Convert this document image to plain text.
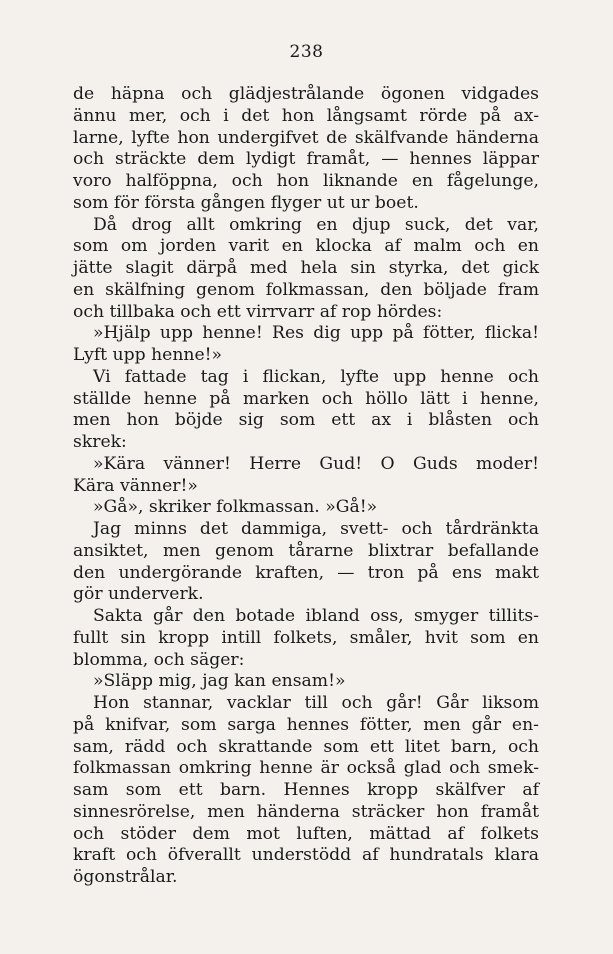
238
de häpna och glädjestrålande ögonen vidgades
ännu mer, och i det hon långsamt rörde på ax-
larne, lyfte hon undergifvet de skälfvande händerna
och sträckte dem lydigt framåt, — hennes läppar
voro halföppna, och hon liknande en fågelunge,
som för första gången flyger ut ur boet.
Då drog allt omkring en djup suck, det var,
som om jorden varit en klocka af malm och en
jätte slagit därpå med hela sin styrka, det gick
en skälfning genom folkmassan, den böljade fram
och tillbaka och ett virrvarr af rop hördes:
»Hjälp upp henne! Res dig upp på fötter, flicka!
Lyft upp henne!»
Vi fattade tag i flickan, lyfte upp henne och
ställde henne på marken och höllo lätt i henne,
men hon böjde sig som ett ax i blåsten och
skrek:
»Kära vänner! Herre Gud! O Guds moder!
Kära vänner!»
»Gå», skriker folkmassan. »Gå!»
Jag minns det dammiga, svett- och tårdränkta
ansiktet, men genom tårarne blixtrar befallande
den undergörande kraften, — tron på ens makt
gör underverk.
Sakta går den botade ibland oss, smyger tillits-
fullt sin kropp intill folkets, småler, hvit som en
blomma, och säger:
»Släpp mig, jag kan ensam!»
Hon stannar, vacklar till och går! Går liksom
på knifvar, som sarga hennes fötter, men går en-
sam, rädd och skrattande som ett litet barn, och
folkmassan omkring henne är också glad och smek-
sam som ett barn. Hennes kropp skälfver af
sinnesrörelse, men händerna sträcker hon framåt
och stöder dem mot luften, mättad af folkets
kraft och öfverallt understödd af hundratals klara
ögonstrålar.
